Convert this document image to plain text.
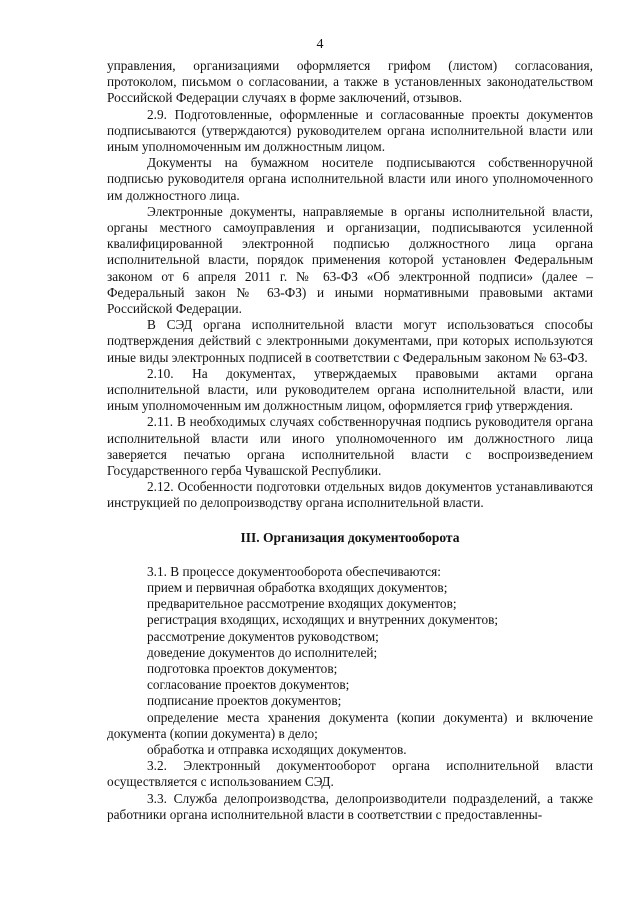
4

управления, организациями оформляется грифом (листом) согласования, протоколом, письмом о согласовании, а также в установленных законодательством Российской Федерации случаях в форме заключений, отзывов.

2.9. Подготовленные, оформленные и согласованные проекты документов подписываются (утверждаются) руководителем органа исполнительной власти или иным уполномоченным им должностным лицом.

Документы на бумажном носителе подписываются собственноручной подписью руководителя органа исполнительной власти или иного уполномоченного им должностного лица.

Электронные документы, направляемые в органы исполнительной власти, органы местного самоуправления и организации, подписываются усиленной квалифицированной электронной подписью должностного лица органа исполнительной власти, порядок применения которой установлен Федеральным законом от 6 апреля 2011 г. № 63-ФЗ «Об электронной подписи» (далее – Федеральный закон № 63-ФЗ) и иными нормативными правовыми актами Российской Федерации.

В СЭД органа исполнительной власти могут использоваться способы подтверждения действий с электронными документами, при которых используются иные виды электронных подписей в соответствии с Федеральным законом № 63-ФЗ.

2.10. На документах, утверждаемых правовыми актами органа исполнительной власти, или руководителем органа исполнительной власти, или иным уполномоченным им должностным лицом, оформляется гриф утверждения.

2.11. В необходимых случаях собственноручная подпись руководителя органа исполнительной власти или иного уполномоченного им должностного лица заверяется печатью органа исполнительной власти с воспроизведением Государственного герба Чувашской Республики.

2.12. Особенности подготовки отдельных видов документов устанавливаются инструкцией по делопроизводству органа исполнительной власти.

III. Организация документооборота

3.1. В процессе документооборота обеспечиваются:

прием и первичная обработка входящих документов;

предварительное рассмотрение входящих документов;

регистрация входящих, исходящих и внутренних документов;

рассмотрение документов руководством;

доведение документов до исполнителей;

подготовка проектов документов;

согласование проектов документов;

подписание проектов документов;

определение места хранения документа (копии документа) и включение документа (копии документа) в дело;

обработка и отправка исходящих документов.

3.2. Электронный документооборот органа исполнительной власти осуществляется с использованием СЭД.

3.3. Служба делопроизводства, делопроизводители подразделений, а также работники органа исполнительной власти в соответствии с предоставленны-
